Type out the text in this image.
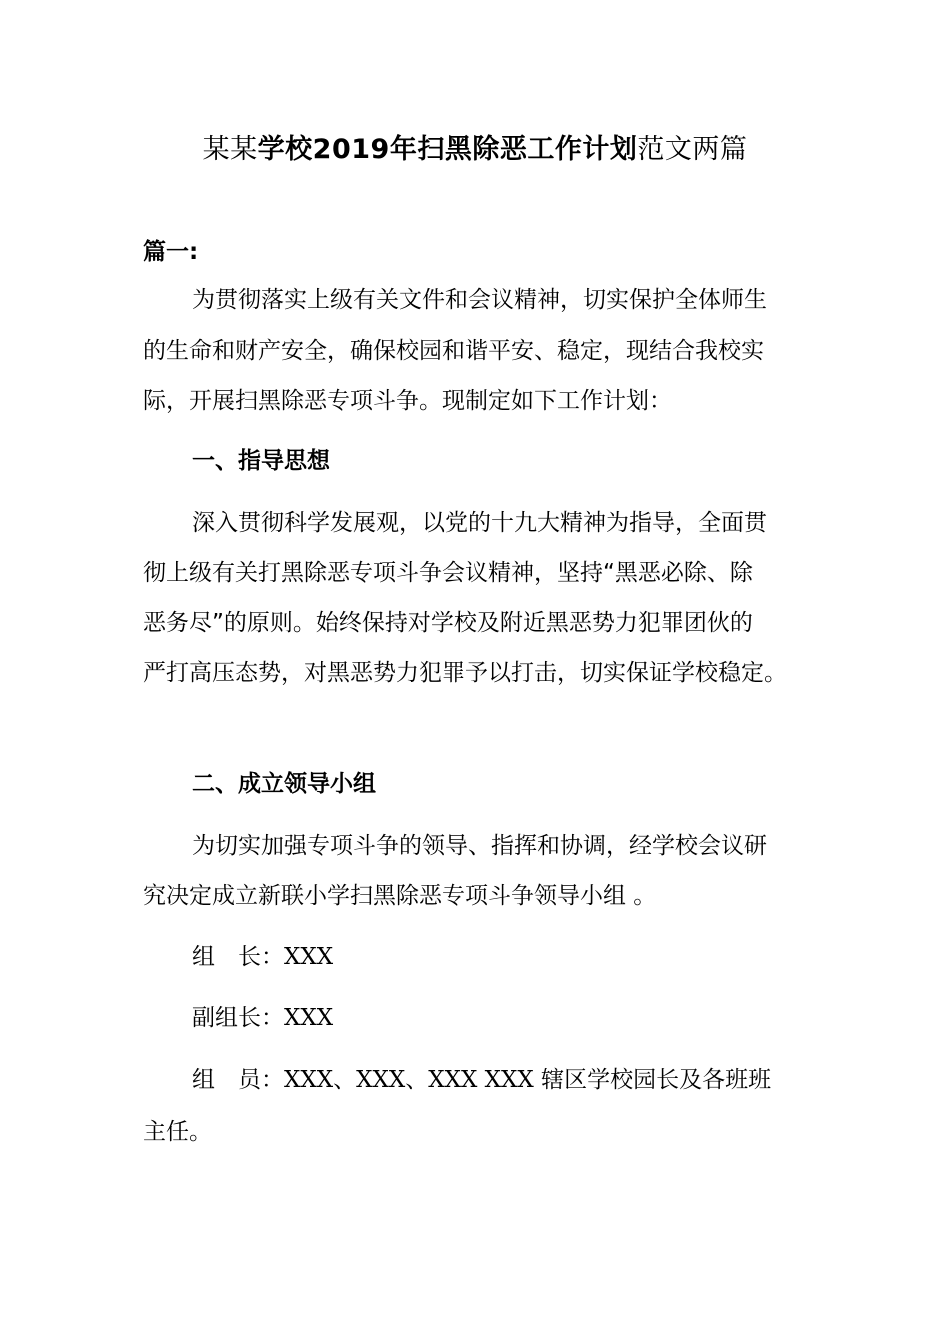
某某学校2019年扫黑除恶工作计划范文两篇
篇一:
为贯彻落实上级有关文件和会议精神，切实保护全体师生
的生命和财产安全，确保校园和谐平安、稳定，现结合我校实
际，开展扫黑除恶专项斗争。现制定如下工作计划：
一、指导思想
深入贯彻科学发展观，以党的十九大精神为指导，全面贯
彻上级有关打黑除恶专项斗争会议精神，坚持“黑恶必除、除
恶务尽”的原则。始终保持对学校及附近黑恶势力犯罪团伙的
严打高压态势，对黑恶势力犯罪予以打击，切实保证学校稳定。
二、成立领导小组
为切实加强专项斗争的领导、指挥和协调，经学校会议研
究决定成立新联小学扫黑除恶专项斗争领导小组 。
组　长：XXX
副组长：XXX
组　员：XXX、XXX、XXX XXX 辖区学校园长及各班班
主任。
